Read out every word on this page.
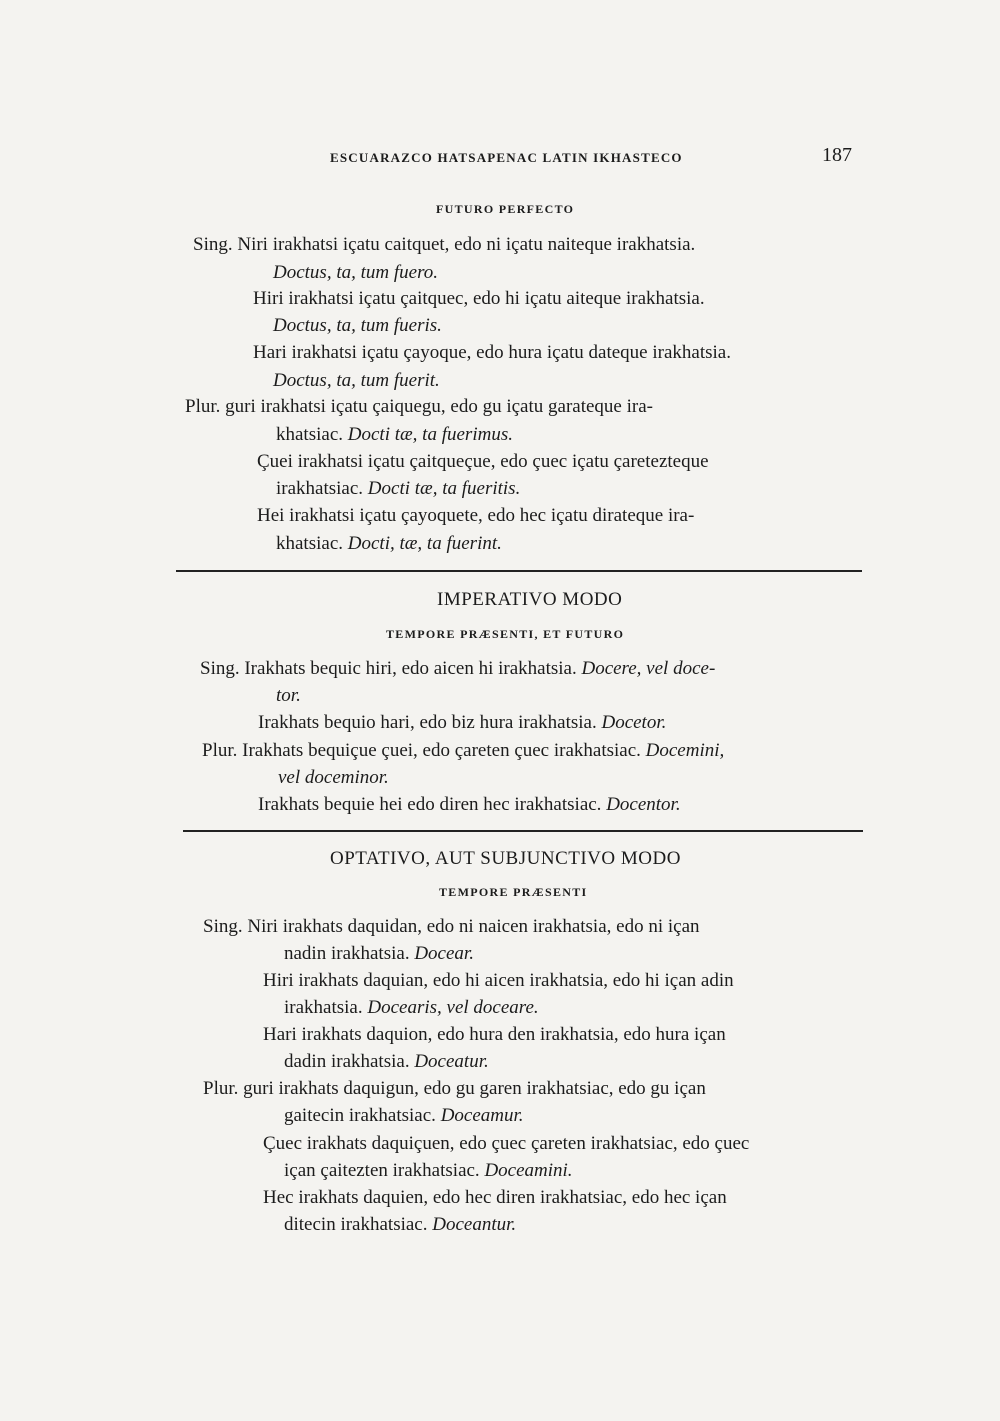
ESCUARAZCO HATSAPENAC LATIN IKHASTECO	187
FUTURO PERFECTO
Sing. Niri irakhatsi içatu caitquet, edo ni içatu naiteque irakhatsia.
Doctus, ta, tum fuero.
Hiri irakhatsi içatu çaitquec, edo hi içatu aiteque irakhatsia.
Doctus, ta, tum fueris.
Hari irakhatsi içatu çayoque, edo hura içatu dateque irakhatsia.
Doctus, ta, tum fuerit.
Plur. guri irakhatsi içatu çaiquegu, edo gu içatu garateque ira-
khatsiac. Docti tæ, ta fuerimus.
Çuei irakhatsi içatu çaitqueçue, edo çuec içatu çaretezteque
irakhatsiac. Docti tæ, ta fueritis.
Hei irakhatsi içatu çayoquete, edo hec içatu dirateque ira-
khatsiac. Docti, tæ, ta fuerint.
IMPERATIVO MODO
TEMPORE PRÆSENTI, ET FUTURO
Sing. Irakhats bequic hiri, edo aicen hi irakhatsia. Docere, vel doce-
tor.
Irakhats bequio hari, edo biz hura irakhatsia. Docetor.
Plur. Irakhats bequiçue çuei, edo çareten çuec irakhatsiac. Docemini,
vel doceminor.
Irakhats bequie hei edo diren hec irakhatsiac. Docentor.
OPTATIVO, AUT SUBJUNCTIVO MODO
TEMPORE PRÆSENTI
Sing. Niri irakhats daquidan, edo ni naicen irakhatsia, edo ni içan
nadin irakhatsia. Docear.
Hiri irakhats daquian, edo hi aicen irakhatsia, edo hi içan adin
irakhatsia. Docearis, vel doceare.
Hari irakhats daquion, edo hura den irakhatsia, edo hura içan
dadin irakhatsia. Doceatur.
Plur. guri irakhats daquigun, edo gu garen irakhatsiac, edo gu içan
gaitecin irakhatsiac. Doceamur.
Çuec irakhats daquiçuen, edo çuec çareten irakhatsiac, edo çuec
içan çaitezten irakhatsiac. Doceamini.
Hec irakhats daquien, edo hec diren irakhatsiac, edo hec içan
ditecin irakhatsiac. Doceantur.
